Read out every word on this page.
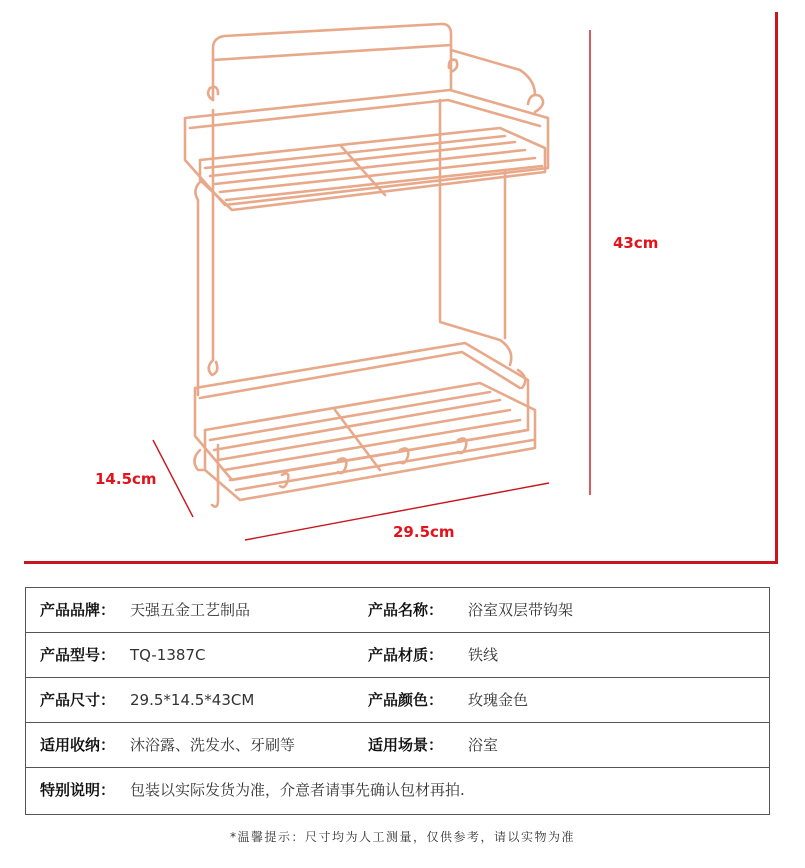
43cm
14.5cm
29.5cm
产品品牌： 天强五金工艺制品	产品名称： 浴室双层带钩架
产品型号： TQ-1387C	产品材质： 铁线
产品尺寸： 29.5*14.5*43CM	产品颜色： 玫瑰金色
适用收纳： 沐浴露、洗发水、牙刷等	适用场景： 浴室
特别说明： 包装以实际发货为准，介意者请事先确认包材再拍.
*温馨提示：尺寸均为人工测量，仅供参考，请以实物为准
